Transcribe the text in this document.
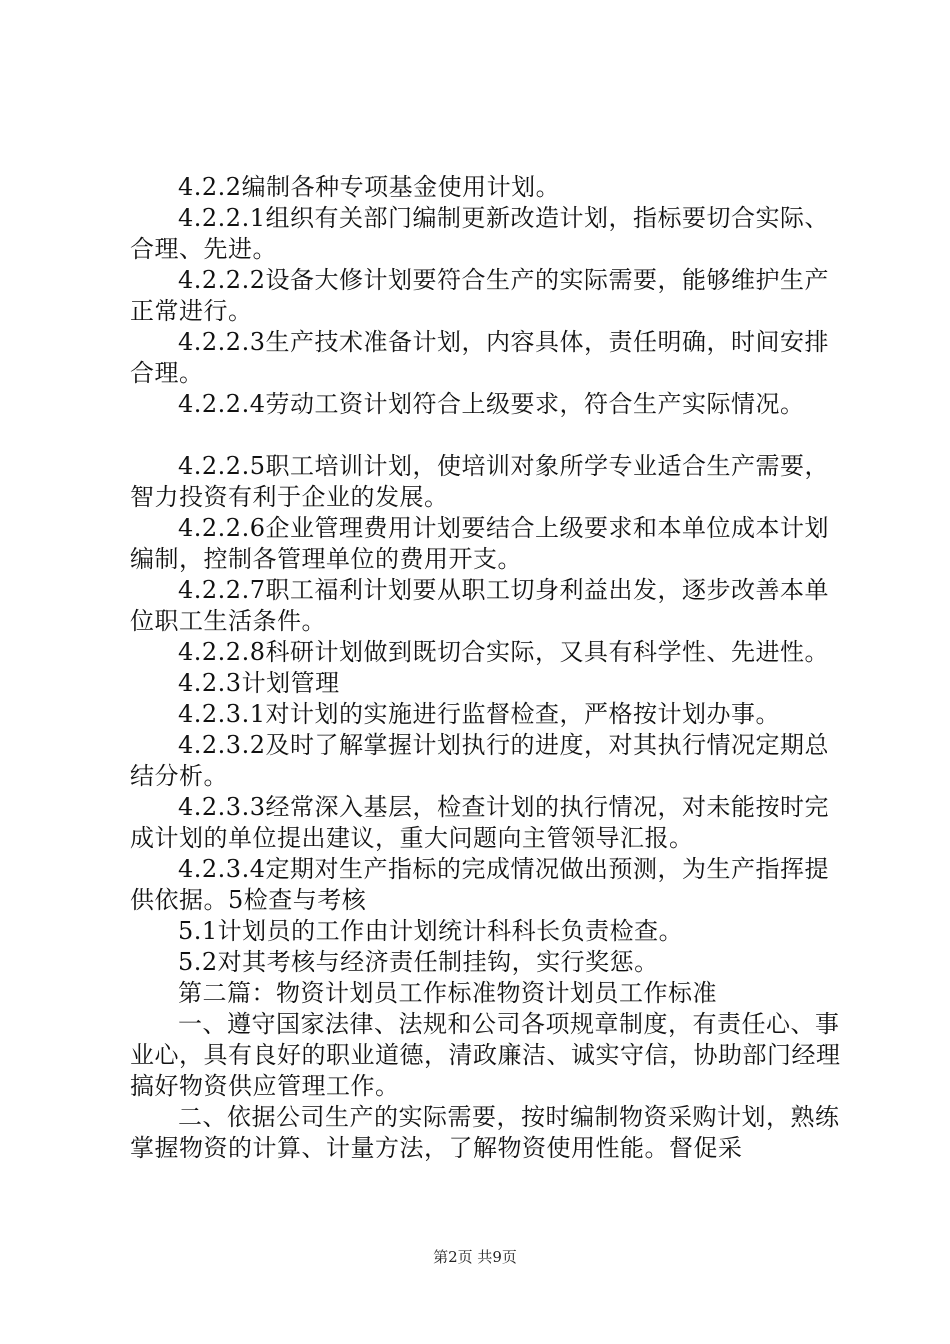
4.2.2编制各种专项基金使用计划。

4.2.2.1组织有关部门编制更新改造计划，指标要切合实际、合理、先进。

4.2.2.2设备大修计划要符合生产的实际需要，能够维护生产正常进行。

4.2.2.3生产技术准备计划，内容具体，责任明确，时间安排合理。

4.2.2.4劳动工资计划符合上级要求，符合生产实际情况。

4.2.2.5职工培训计划，使培训对象所学专业适合生产需要，智力投资有利于企业的发展。

4.2.2.6企业管理费用计划要结合上级要求和本单位成本计划编制，控制各管理单位的费用开支。

4.2.2.7职工福利计划要从职工切身利益出发，逐步改善本单位职工生活条件。

4.2.2.8科研计划做到既切合实际，又具有科学性、先进性。

4.2.3计划管理

4.2.3.1对计划的实施进行监督检查，严格按计划办事。

4.2.3.2及时了解掌握计划执行的进度，对其执行情况定期总结分析。

4.2.3.3经常深入基层，检查计划的执行情况，对未能按时完成计划的单位提出建议，重大问题向主管领导汇报。

4.2.3.4定期对生产指标的完成情况做出预测，为生产指挥提供依据。5检查与考核

5.1计划员的工作由计划统计科科长负责检查。

5.2对其考核与经济责任制挂钩，实行奖惩。

第二篇：物资计划员工作标准物资计划员工作标准

一、遵守国家法律、法规和公司各项规章制度，有责任心、事业心，具有良好的职业道德，清政廉洁、诚实守信，协助部门经理搞好物资供应管理工作。

二、依据公司生产的实际需要，按时编制物资采购计划，熟练掌握物资的计算、计量方法，了解物资使用性能。督促采

第2页 共9页
